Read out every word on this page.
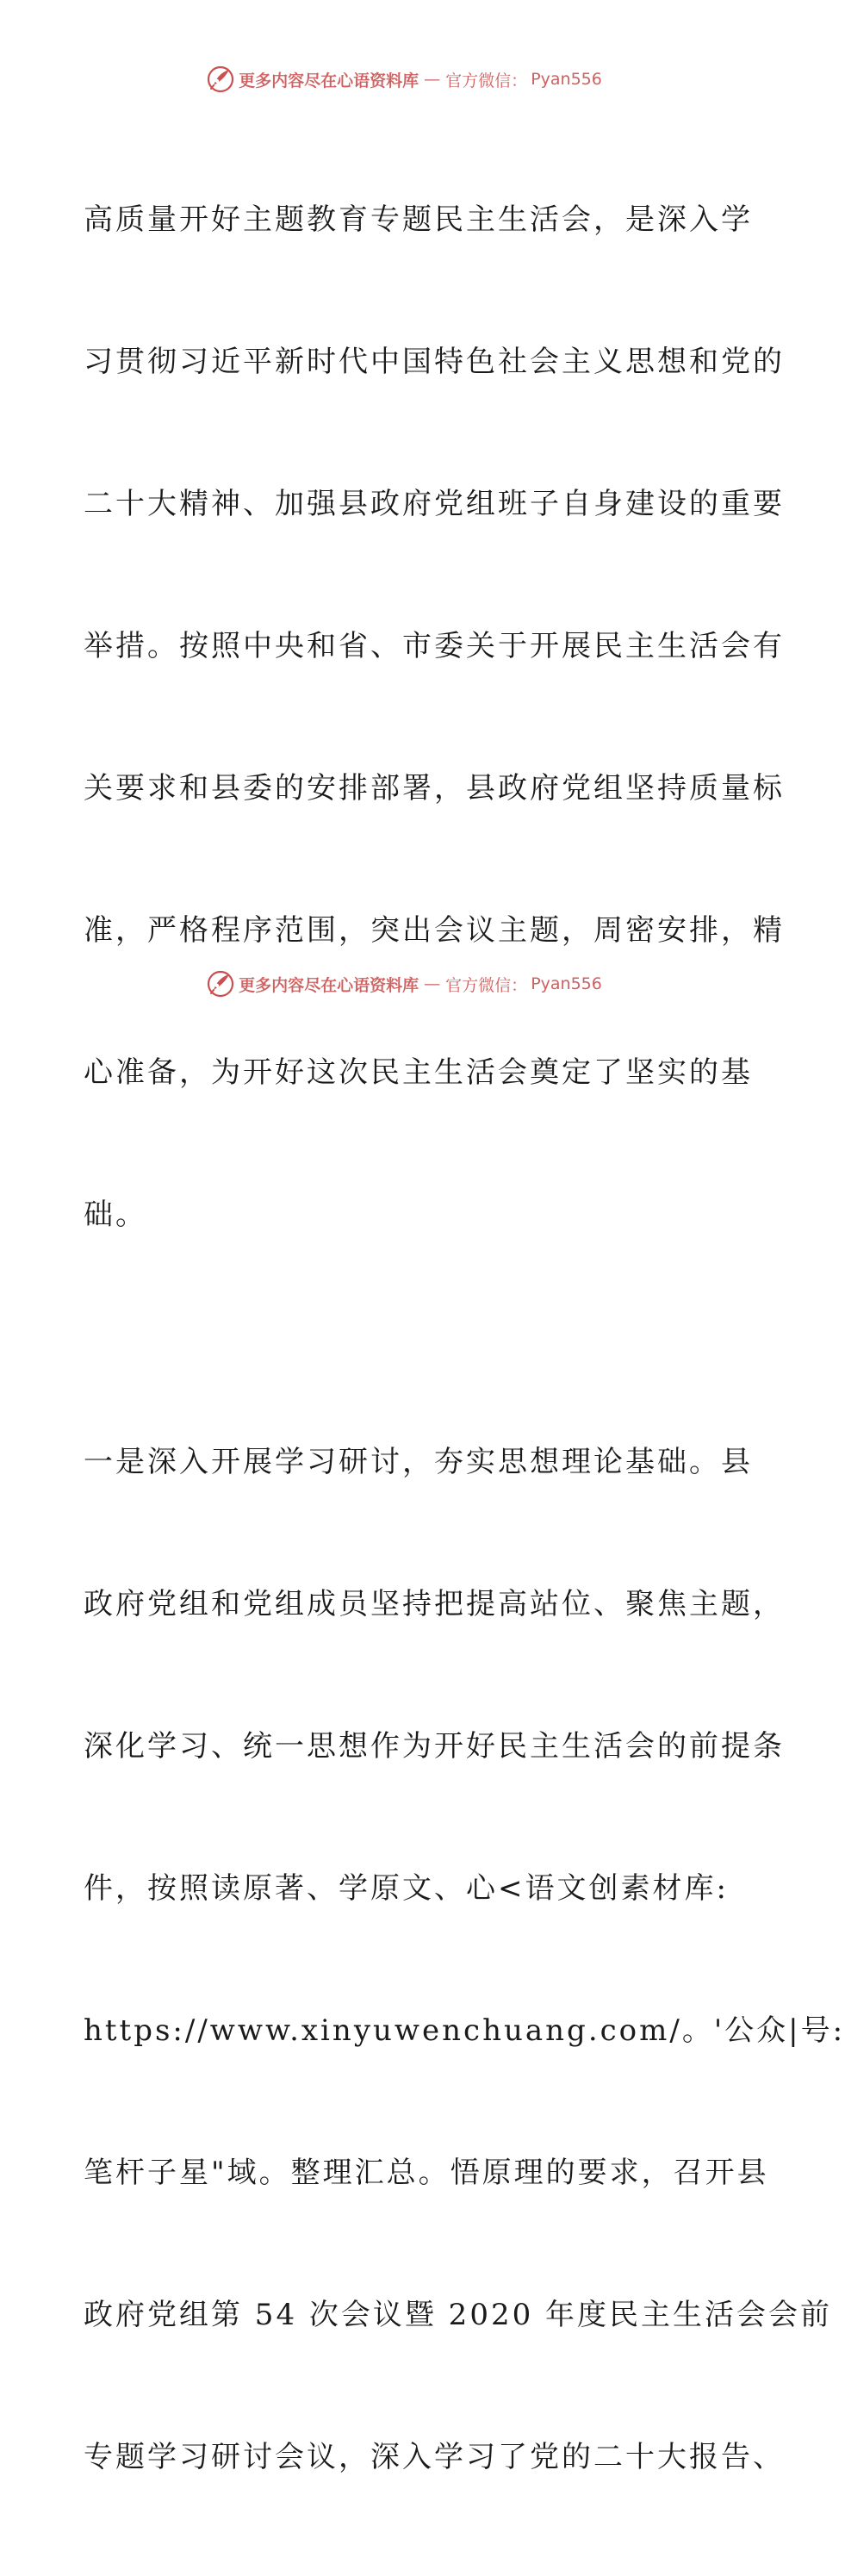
更多内容尽在心语资料库 — 官方微信： Pyan556

高质量开好主题教育专题民主生活会，是深入学

习贯彻习近平新时代中国特色社会主义思想和党的

二十大精神、加强县政府党组班子自身建设的重要

举措。按照中央和省、市委关于开展民主生活会有

关要求和县委的安排部署，县政府党组坚持质量标

准，严格程序范围，突出会议主题，周密安排，精

心准备，为开好这次民主生活会奠定了坚实的基

础。

一是深入开展学习研讨，夯实思想理论基础。县

政府党组和党组成员坚持把提高站位、聚焦主题，

深化学习、统一思想作为开好民主生活会的前提条

件，按照读原著、学原文、心<语文创素材库:

https://www.xinyuwenchuang.com/。'公众|号:

笔杆子星"域。整理汇总。悟原理的要求，召开县

政府党组第 54 次会议暨 2020 年度民主生活会会前

专题学习研讨会议，深入学习了党的二十大报告、

更多内容尽在心语资料库 — 官方微信： Pyan556
